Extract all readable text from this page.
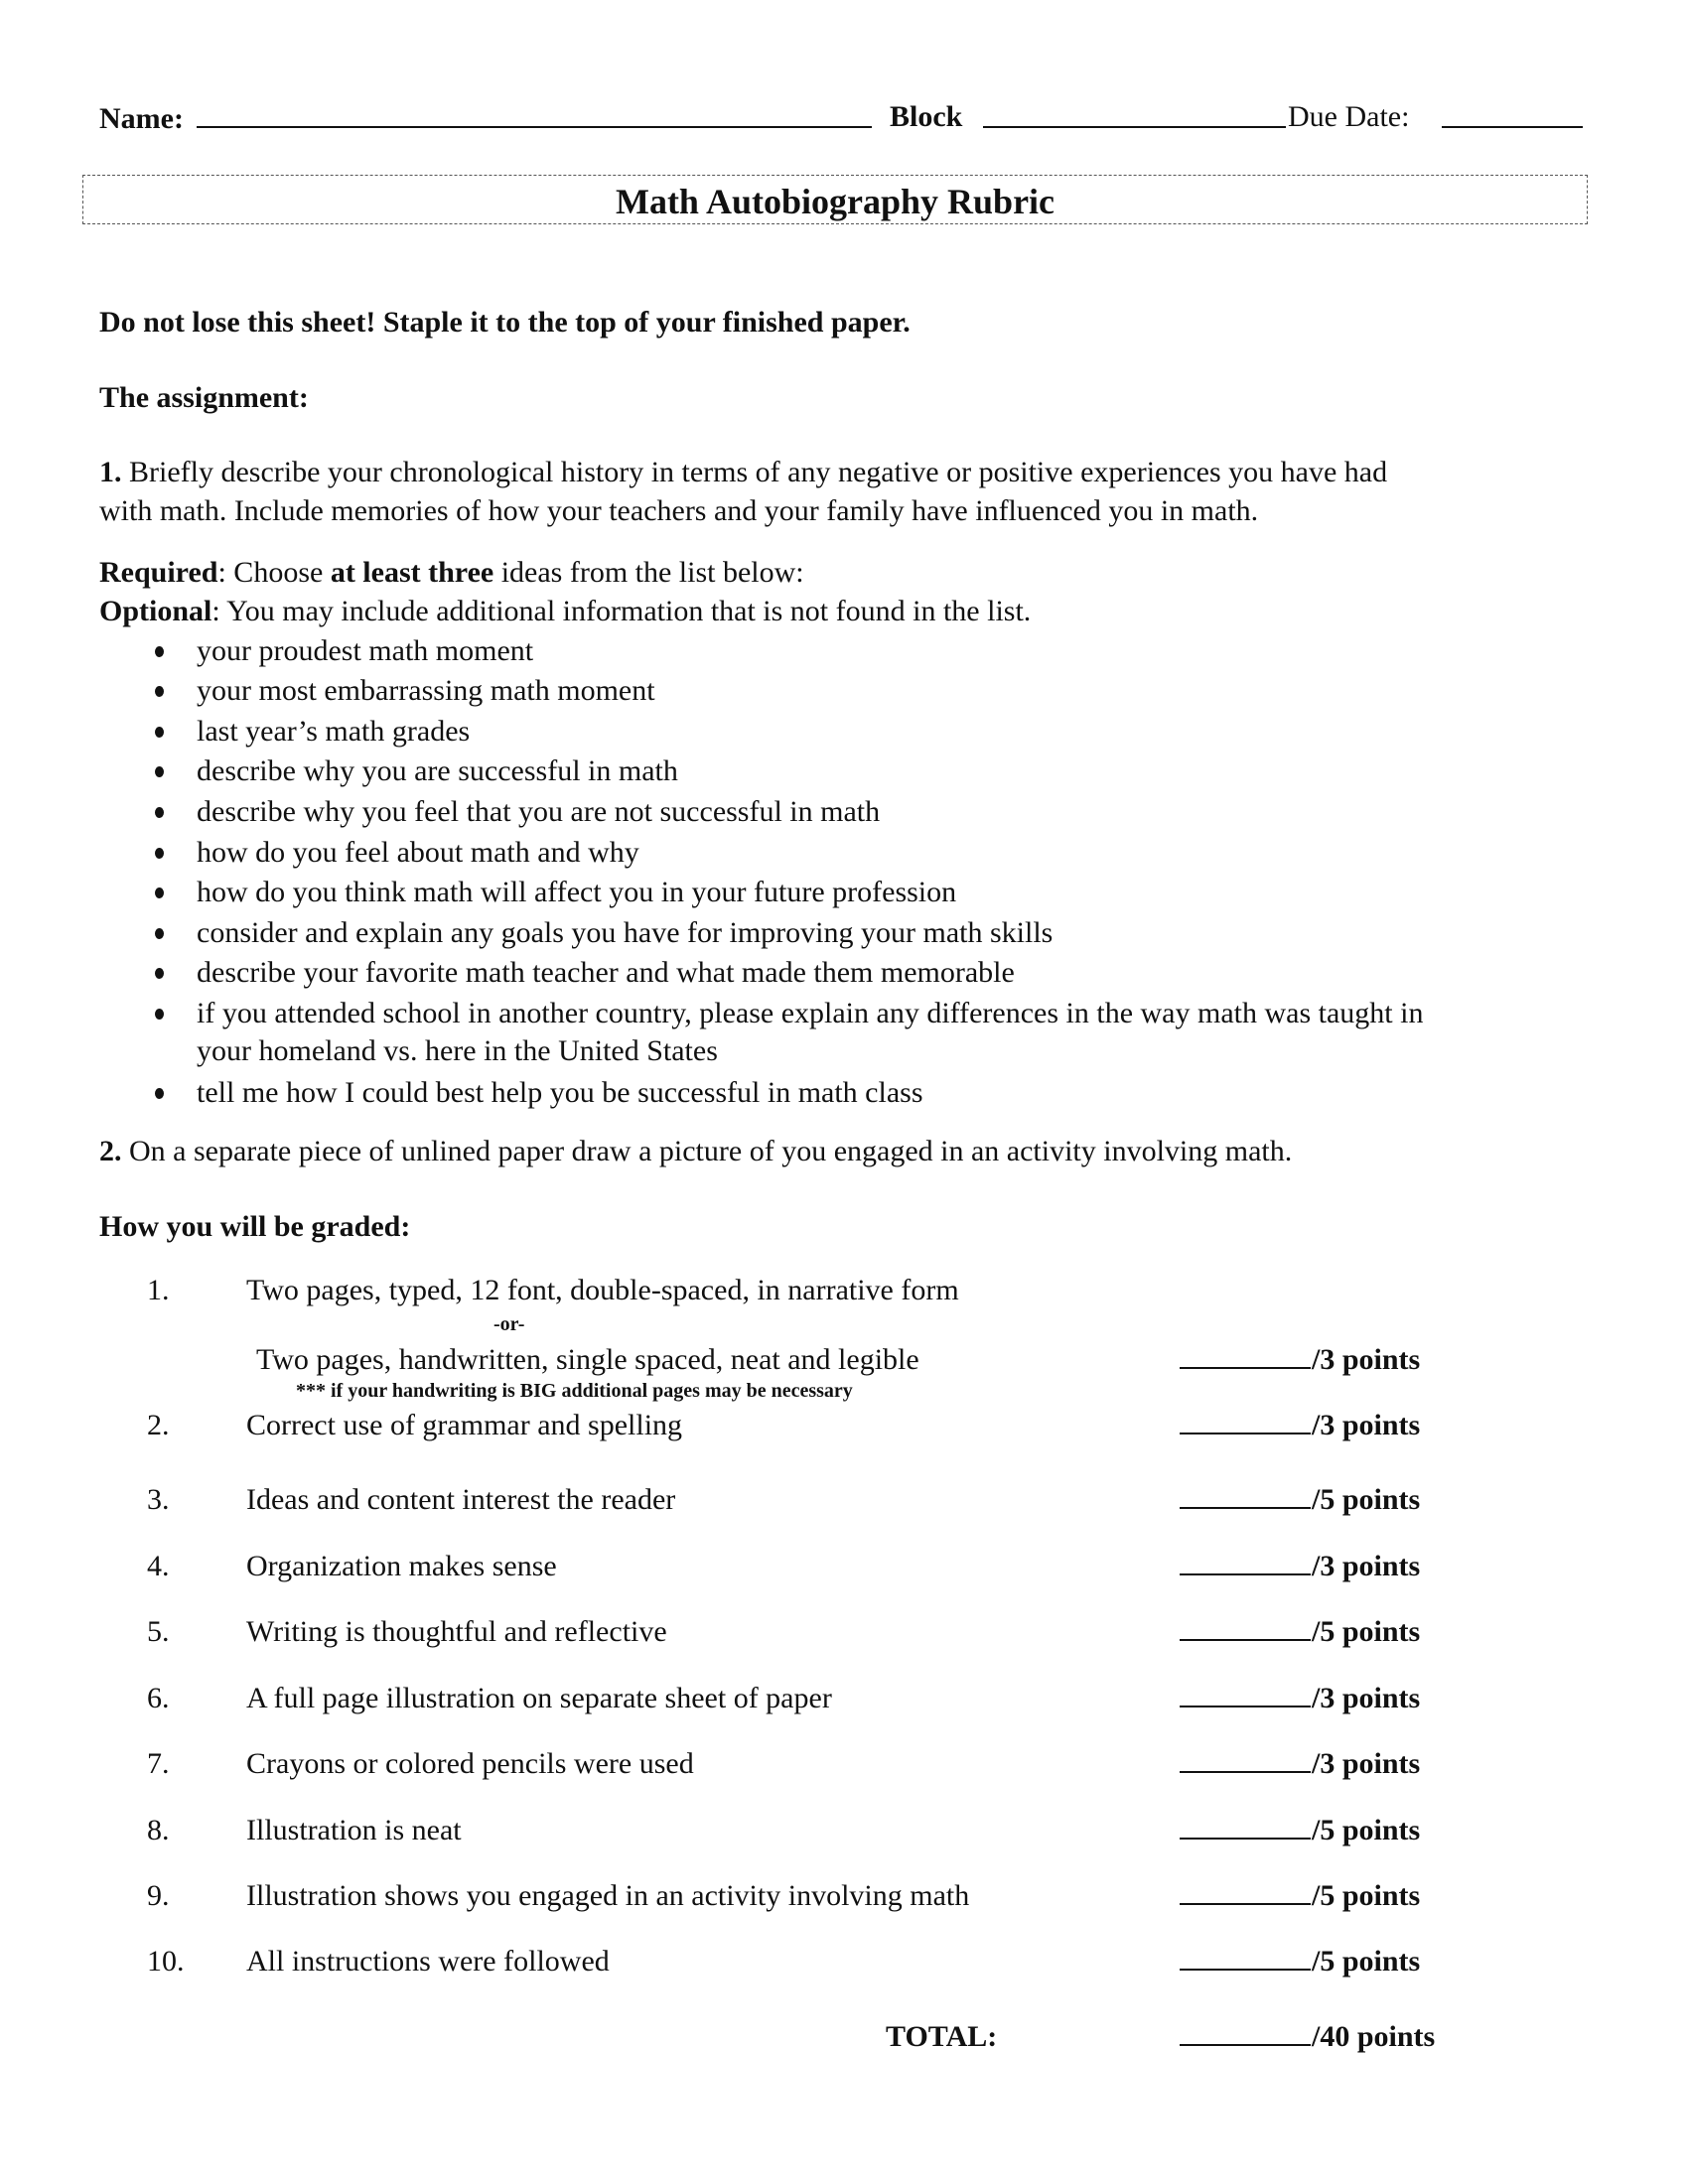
Name:	Block	Due Date:
Math Autobiography Rubric
Do not lose this sheet! Staple it to the top of your finished paper.
The assignment:
1. Briefly describe your chronological history in terms of any negative or positive experiences you have had
with math. Include memories of how your teachers and your family have influenced you in math.
Required: Choose at least three ideas from the list below:
Optional: You may include additional information that is not found in the list.
your proudest math moment
your most embarrassing math moment
last year’s math grades
describe why you are successful in math
describe why you feel that you are not successful in math
how do you feel about math and why
how do you think math will affect you in your future profession
consider and explain any goals you have for improving your math skills
describe your favorite math teacher and what made them memorable
if you attended school in another country, please explain any differences in the way math was taught in
your homeland vs. here in the United States
tell me how I could best help you be successful in math class
2. On a separate piece of unlined paper draw a picture of you engaged in an activity involving math.
How you will be graded:
1.	Two pages, typed, 12 font, double-spaced, in narrative form
-or-
Two pages, handwritten, single spaced, neat and legible
*** if your handwriting is BIG additional pages may be necessary
/3 points
2.	Correct use of grammar and spelling	/3 points
3.	Ideas and content interest the reader	/5 points
4.	Organization makes sense	/3 points
5.	Writing is thoughtful and reflective	/5 points
6.	A full page illustration on separate sheet of paper	/3 points
7.	Crayons or colored pencils were used	/3 points
8.	Illustration is neat	/5 points
9.	Illustration shows you engaged in an activity involving math	/5 points
10. All instructions were followed	/5 points
TOTAL:	/40 points
